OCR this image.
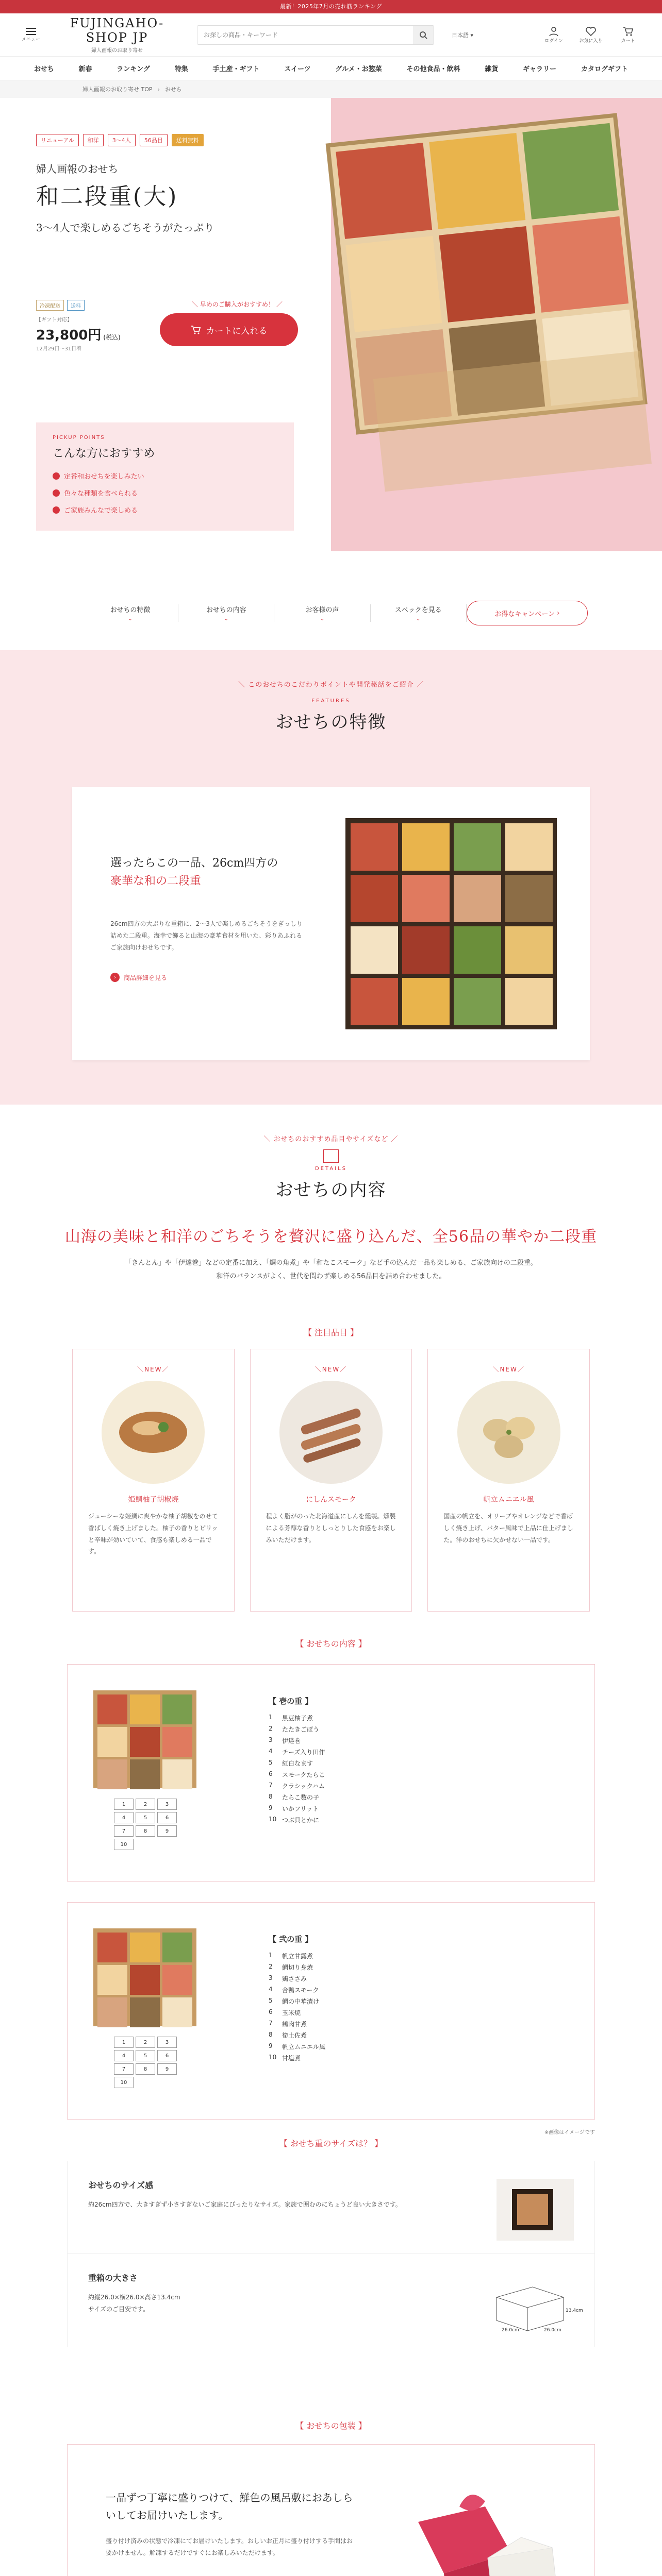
最新！2025年7月の売れ筋ランキング
メニュー
FUJINGAHO-SHOP JP
婦人画報のお取り寄せ
お探しの商品・キーワード
日本語 ▾
ログイン	お気に入り	カート
おせち	新春	ランキング	特集	手土産・ギフト	スイーツ	グルメ・お惣菜	その他食品・飲料	雑貨	ギャラリー	カタログギフト
婦人画報のお取り寄せ TOP › おせち
リニューアル	和洋	3〜4人	56品目	送料無料
婦人画報のおせち
和二段重(大)
3〜4人で楽しめるごちそうがたっぷり
冷凍配送	送料
【ギフト対応】
23,800円 (税込)
12月29日〜31日着
＼ 早めのご購入がおすすめ！ ／
カートに入れる
PICKUP POINTS
こんな方におすすめ
定番和おせちを楽しみたい
色々な種類を食べられる
ご家族みんなで楽しめる
おせちの特徴
⌄
おせちの内容
⌄
お客様の声
⌄
スペックを見る
⌄
お得なキャンペーン ›
＼ このおせちのこだわりポイントや開発秘話をご紹介 ／
FEATURES
おせちの特徴
選ったらこの一品、26cm四方の
豪華な和の二段重
26cm四方の大ぶりな重箱に、2〜3人で楽しめるごちそうをぎっしり詰めた二段重。海幸で飾ると山海の豪華食材を用いた、彩りあふれるご家族向けおせちです。
›	商品詳細を見る
＼ おせちのおすすめ品目やサイズなど ／
DETAILS
おせちの内容
山海の美味と和洋のごちそうを贅沢に盛り込んだ、全56品の華やか二段重
「きんとん」や「伊達巻」などの定番に加え、「鯛の角煮」や「和たこスモーク」など手の込んだ一品も楽しめる、ご家族向けの二段重。
和洋のバランスがよく、世代を問わず楽しめる56品目を詰め合わせました。
【 注目品目 】
＼NEW／
姫鯛柚子胡椒焼
ジューシーな姫鯛に爽やかな柚子胡椒をのせて香ばしく焼き上げました。柚子の香りとピリッと辛味が効いていて、食感も楽しめる一品です。
＼NEW／
にしんスモーク
程よく脂がのった北海道産にしんを燻製。燻製による芳醇な香りとしっとりした食感をお楽しみいただけます。
＼NEW／
帆立ムニエル風
国産の帆立を、オリーブやオレンジなどで香ばしく焼き上げ、バター風味で上品に仕上げました。洋のおせちに欠かせない一品です。
【 おせちの内容 】
1	2	3
4	5	6
7	8	9
10
【 壱の重 】
1	黒豆柚子煮
2	たたきごぼう
3	伊達巻
4	チーズ入り田作
5	紅白なます
6	スモークたらこ
7	クラシックハム
8	たらこ数の子
9	いかフリット
10 つぶ貝とかに
1	2	3
4	5	6
7	8	9
10
【 弐の重 】
1	帆立甘露煮
2	鯛切り身焼
3	鶏ささみ
4	合鴨スモーク
5	鯛の中華漬け
6	玉米焼
7	鶴肉甘煮
8	筍土佐煮
9	帆立ムニエル風
10 甘塩煮
※画像はイメージです
【 おせち重のサイズは？ 】
おせちのサイズ感
約26cm四方で、大きすぎず小さすぎないご家庭にぴったりなサイズ。家族で囲むのにちょうど良い大きさです。
重箱の大きさ
約縦26.0×横26.0×高さ13.4cm
サイズのご目安です。	13.4cm
26.0cm	26.0cm
【 おせちの包装 】
一品ずつ丁寧に盛りつけて、鮮色の風呂敷におあしらいしてお届けいたします。
盛り付け済みの状態で冷凍にてお届けいたします。おしいお正月に盛り付けする手間はお要かけません。解凍するだけですぐにお楽しみいただけます。
